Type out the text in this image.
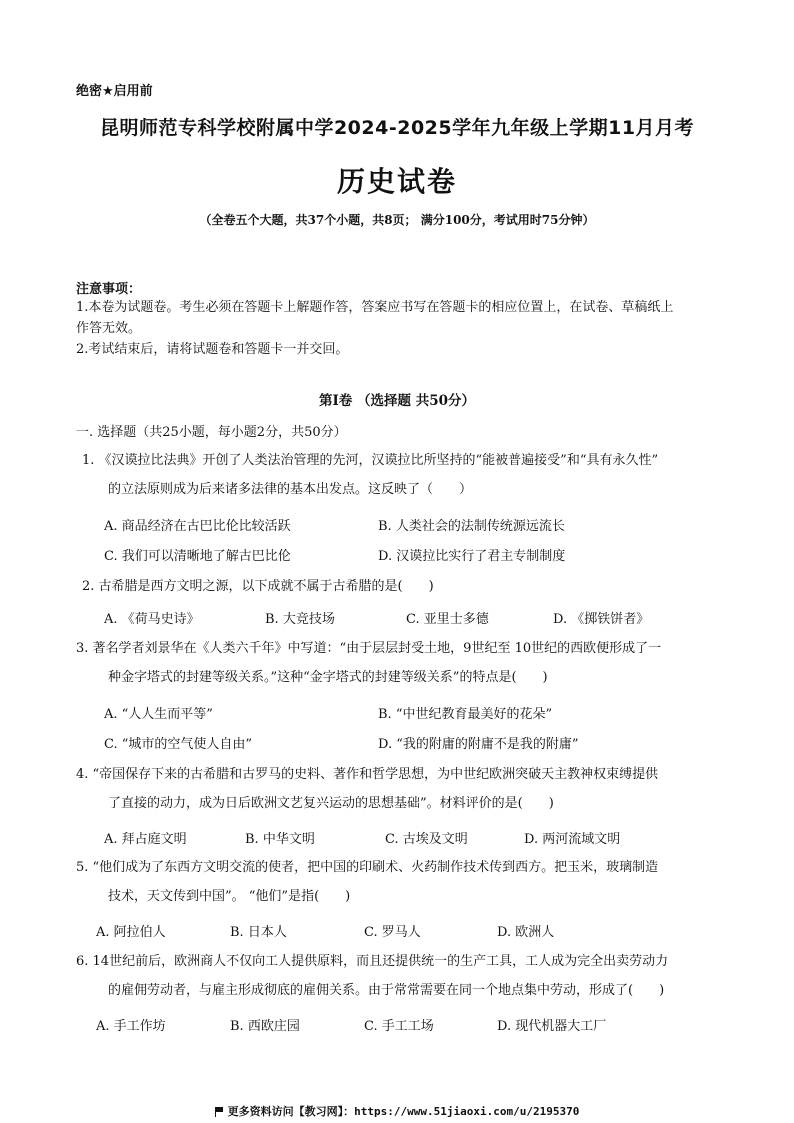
绝密★启用前
昆明师范专科学校附属中学2024-2025学年九年级上学期11月月考
历史试卷
（全卷五个大题，共37个小题，共8页； 满分100分，考试用时75分钟）
注意事项：
1.本卷为试题卷。考生必须在答题卡上解题作答，答案应书写在答题卡的相应位置上，在试卷、草稿纸上
作答无效。
2.考试结束后，请将试题卷和答题卡一并交回。
第Ⅰ卷 （选择题 共50分）
一. 选择题（共25小题，每小题2分，共50分）
1. 《汉谟拉比法典》开创了人类法治管理的先河，汉谟拉比所坚持的“能被普遍接受”和“具有永久性”
的立法原则成为后来诸多法律的基本出发点。这反映了（　　）
A. 商品经济在古巴比伦比较活跃	B. 人类社会的法制传统源远流长
C. 我们可以清晰地了解古巴比伦	D. 汉谟拉比实行了君主专制制度
2. 古希腊是西方文明之源，以下成就不属于古希腊的是(　　)
A. 《荷马史诗》	B. 大竞技场	C. 亚里士多德	D. 《掷铁饼者》
3. 著名学者刘景华在《人类六千年》中写道：“由于层层封受土地，9世纪至 10世纪的西欧便形成了一
种金字塔式的封建等级关系。”这种“金字塔式的封建等级关系”的特点是(　　)
A. “人人生而平等”	B. “中世纪教育最美好的花朵”
C. “城市的空气使人自由”	D. “我的附庸的附庸不是我的附庸”
4. “帝国保存下来的古希腊和古罗马的史料、著作和哲学思想，为中世纪欧洲突破天主教神权束缚提供
了直接的动力，成为日后欧洲文艺复兴运动的思想基础”。材料评价的是(　　)
A. 拜占庭文明	B. 中华文明	C. 古埃及文明	D. 两河流域文明
5. “他们成为了东西方文明交流的使者，把中国的印刷术、火药制作技术传到西方。把玉米，玻璃制造
技术，天文传到中国”。 “他们”是指(　　)
A. 阿拉伯人	B. 日本人	C. 罗马人	D. 欧洲人
6. 14世纪前后，欧洲商人不仅向工人提供原料，而且还提供统一的生产工具，工人成为完全出卖劳动力
的雇佣劳动者，与雇主形成彻底的雇佣关系。由于常常需要在同一个地点集中劳动，形成了(　　)
A. 手工作坊	B. 西欧庄园	C. 手工工场	D. 现代机器大工厂
更多资料访问【教习网】：https://www.51jiaoxi.com/u/2195370
